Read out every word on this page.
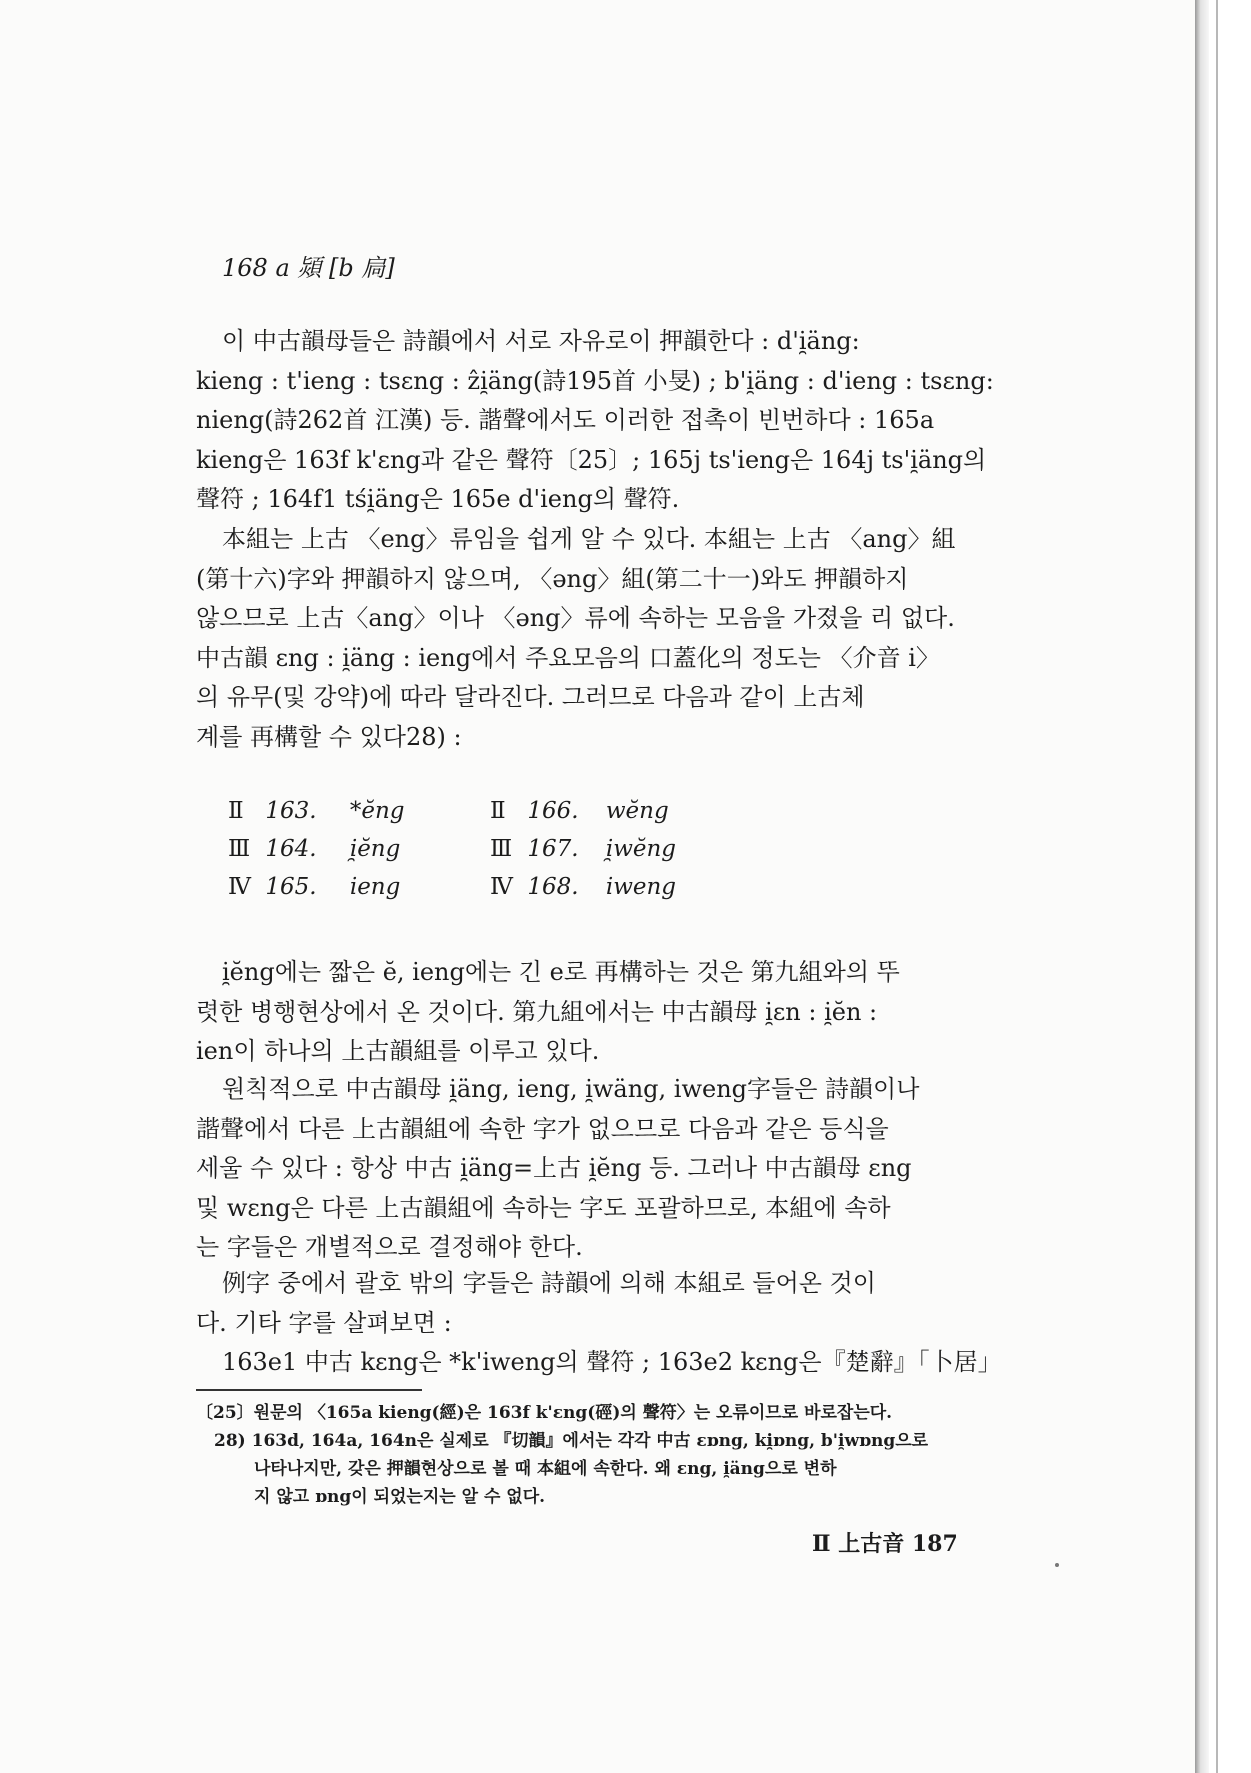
168 a 熲 [b 扃]
이 中古韻母들은 詩韻에서 서로 자유로이 押韻한다 : d'i̯äng:
kieng : t'ieng : tsɛng : ẑi̯äng(詩195首 小旻) ; b'i̯äng : d'ieng : tsɛng:
nieng(詩262首 江漢) 등. 諧聲에서도 이러한 접촉이 빈번하다 : 165a
kieng은 163f k'ɛng과 같은 聲符〔25〕; 165j ts'ieng은 164j ts'i̯äng의
聲符 ; 164f1 tśi̯äng은 165e d'ieng의 聲符.
本組는 上古 〈eng〉류임을 쉽게 알 수 있다. 本組는 上古 〈ang〉組
(第十六)字와 押韻하지 않으며, 〈əng〉組(第二十一)와도 押韻하지
않으므로 上古〈ang〉이나 〈əng〉류에 속하는 모음을 가졌을 리 없다.
中古韻 ɛng : i̯äng : ieng에서 주요모음의 口蓋化의 정도는 〈介音 i〉
의 유무(및 강약)에 따라 달라진다. 그러므로 다음과 같이 上古체
계를 再構할 수 있다28) :
Ⅱ 163. *ĕng
Ⅲ 164. i̯ĕng
Ⅳ 165. ieng
Ⅱ 166. wĕng
Ⅲ 167. i̯wĕng
Ⅳ 168. iweng
i̯ĕng에는 짧은 ĕ, ieng에는 긴 e로 再構하는 것은 第九組와의 뚜
렷한 병행현상에서 온 것이다. 第九組에서는 中古韻母 i̯ɛn : i̯ĕn :
ien이 하나의 上古韻組를 이루고 있다.
원칙적으로 中古韻母 i̯äng, ieng, i̯wäng, iweng字들은 詩韻이나
諧聲에서 다른 上古韻組에 속한 字가 없으므로 다음과 같은 등식을
세울 수 있다 : 항상 中古 i̯äng=上古 i̯ĕng 등. 그러나 中古韻母 ɛng
및 wɛng은 다른 上古韻組에 속하는 字도 포괄하므로, 本組에 속하
는 字들은 개별적으로 결정해야 한다.
例字 중에서 괄호 밖의 字들은 詩韻에 의해 本組로 들어온 것이
다. 기타 字를 살펴보면 :
163e1 中古 kɛng은 *k'iweng의 聲符 ; 163e2 kɛng은『楚辭』「卜居」
〔25〕원문의 〈165a kieng(經)은 163f k'ɛng(硜)의 聲符〉는 오류이므로 바로잡는다.
28) 163d, 164a, 164n은 실제로 『切韻』에서는 각각 中古 ɛɒng, ki̯ɒng, b'i̯wɒng으로
나타나지만, 갖은 押韻현상으로 볼 때 本組에 속한다. 왜 ɛng, i̯äng으로 변하
지 않고 ɒng이 되었는지는 알 수 없다.
Ⅱ 上古音 187
